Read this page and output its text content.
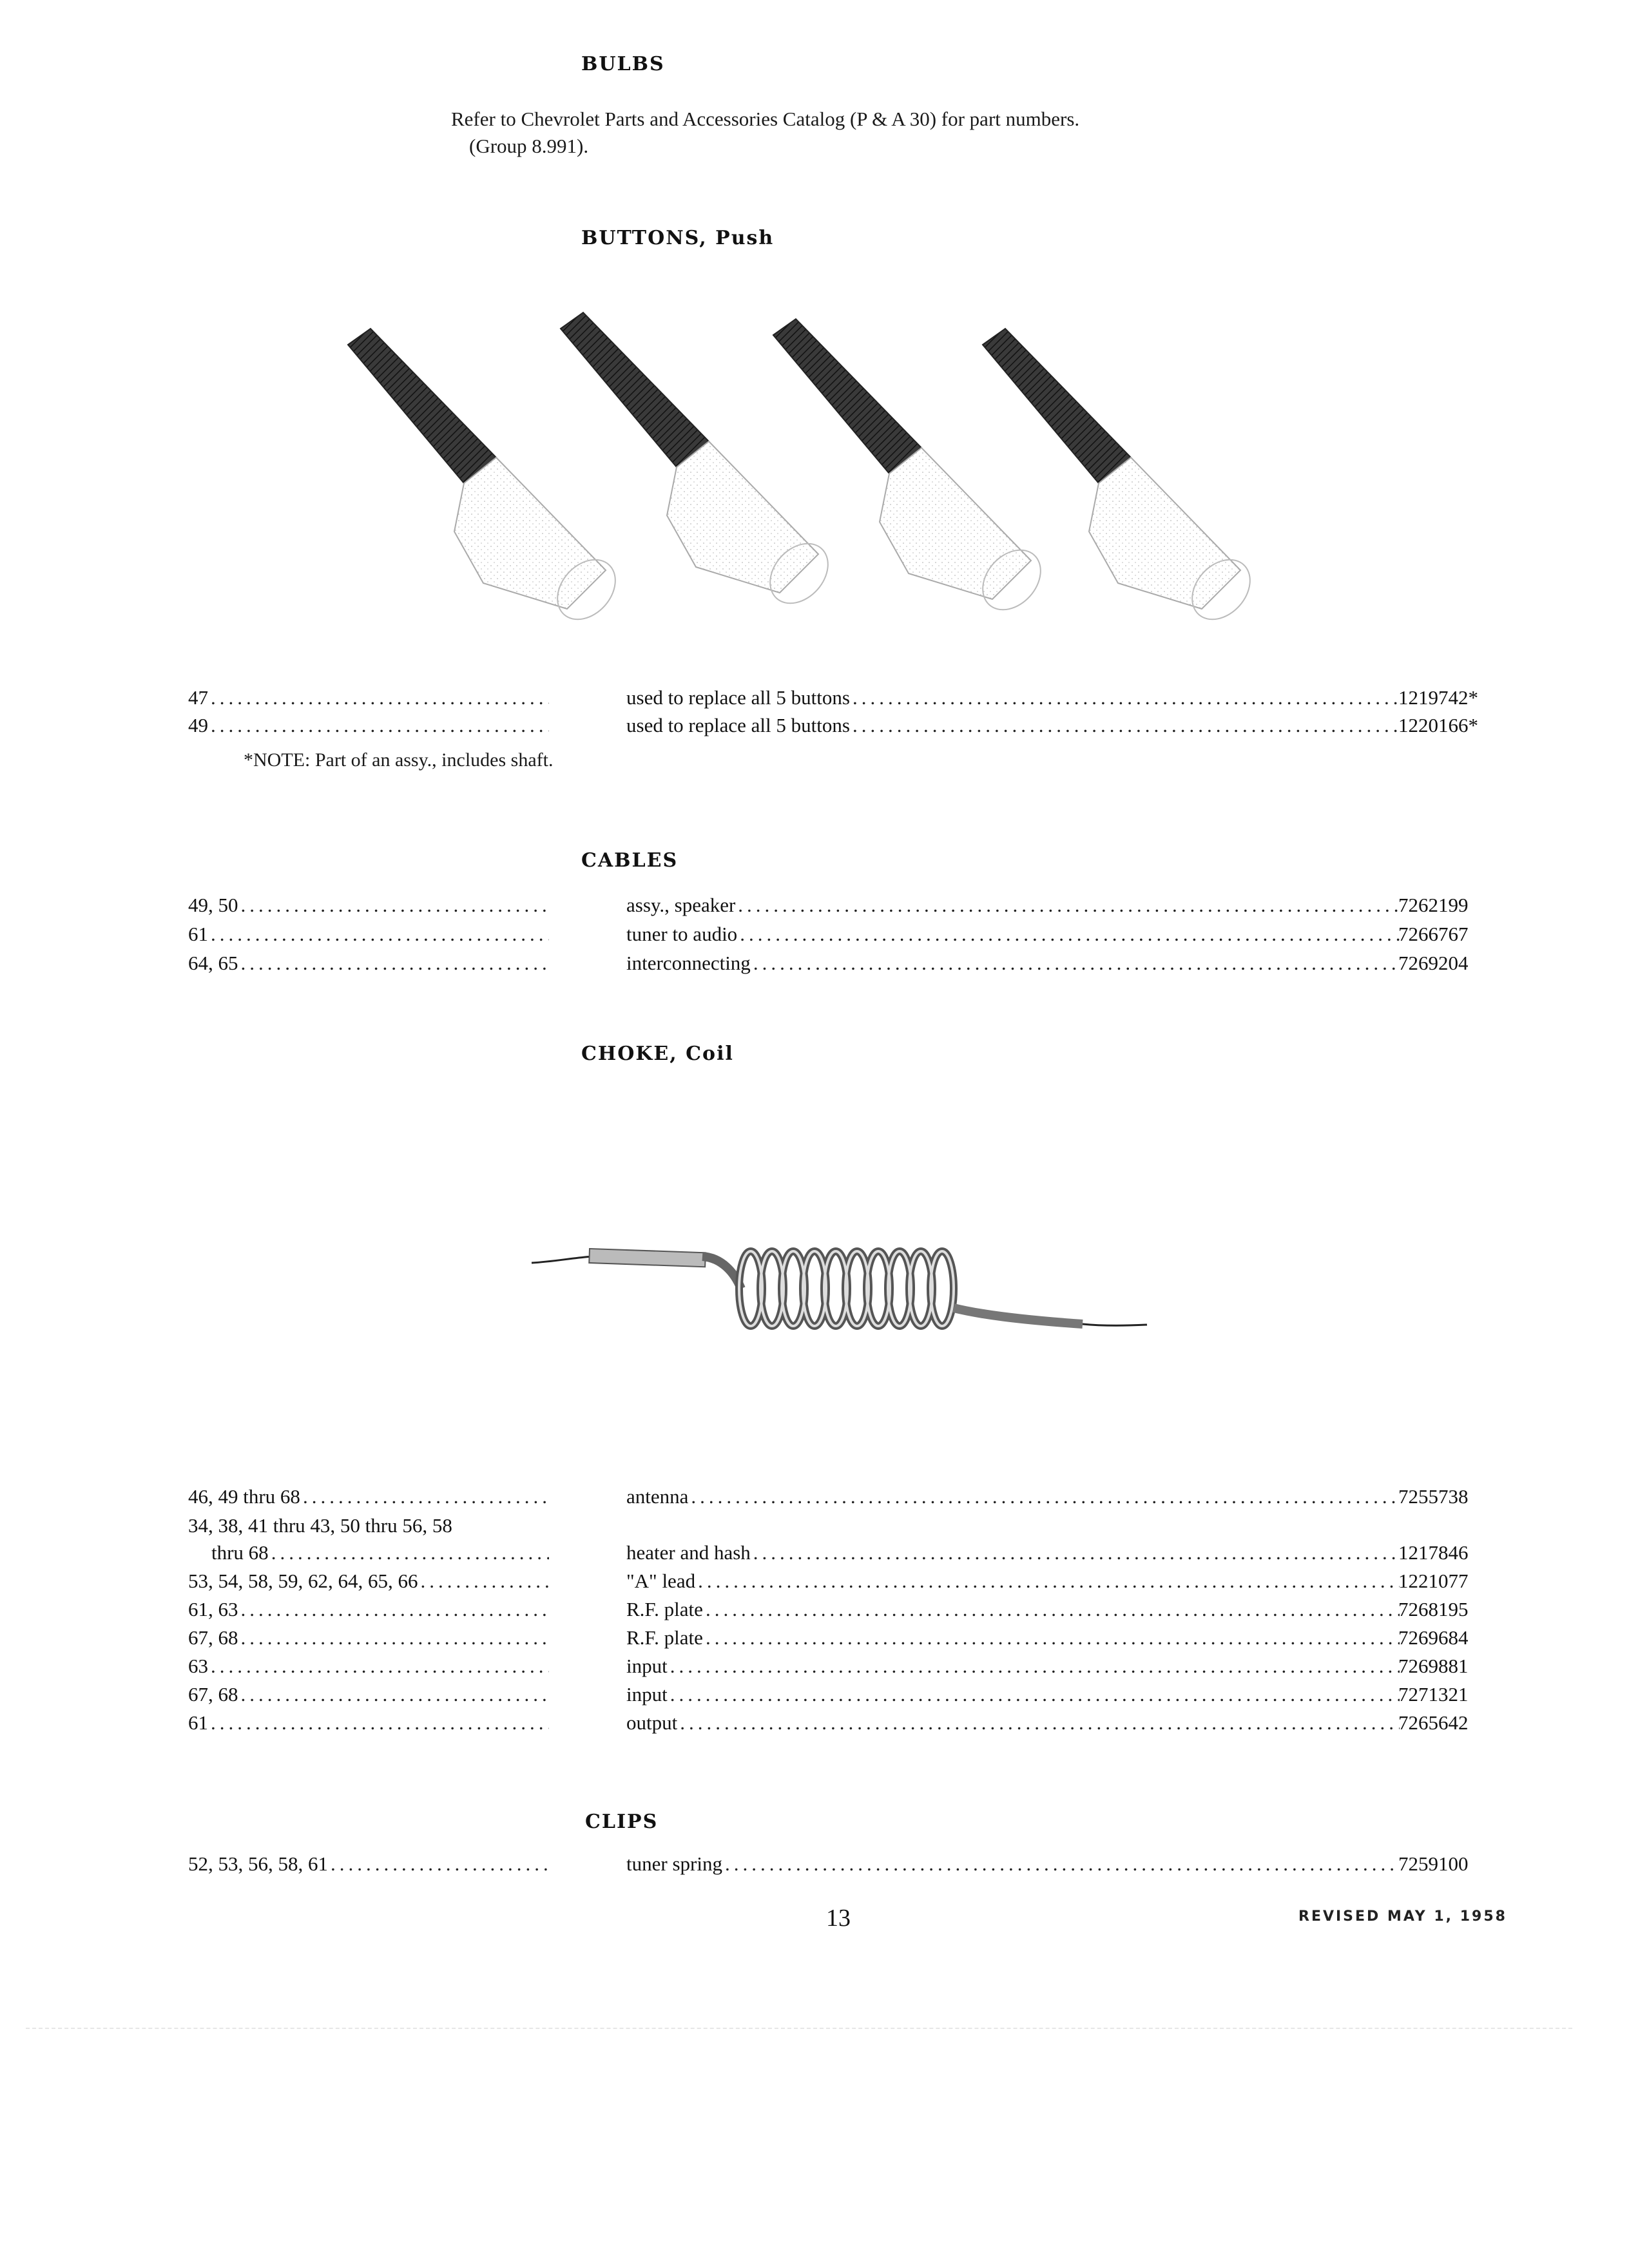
BULBS
Refer to Chevrolet Parts and Accessories Catalog (P & A 30) for part numbers.
(Group 8.991).
BUTTONS, Push
47 .....	used to replace all 5 buttons .....	1219742*
49 .....	used to replace all 5 buttons .....	1220166*
*NOTE: Part of an assy., includes shaft.
CABLES
49, 50 .....	assy., speaker .....	7262199
61 .....	tuner to audio .....	7266767
64, 65 .....	interconnecting .....	7269204
CHOKE, Coil
46, 49 thru 68 .....	antenna .....	7255738
34, 38, 41 thru 43, 50 thru 56, 58
thru 68 .....	heater and hash .....	1217846
53, 54, 58, 59, 62, 64, 65, 66 .....	"A" lead .....	1221077
61, 63 .....	R.F. plate .....	7268195
67, 68 .....	R.F. plate .....	7269684
63 .....	input .....	7269881
67, 68 .....	input .....	7271321
61 .....	output .....	7265642
CLIPS
52, 53, 56, 58, 61 .....	tuner spring .....	7259100
13	REVISED MAY 1, 1958
